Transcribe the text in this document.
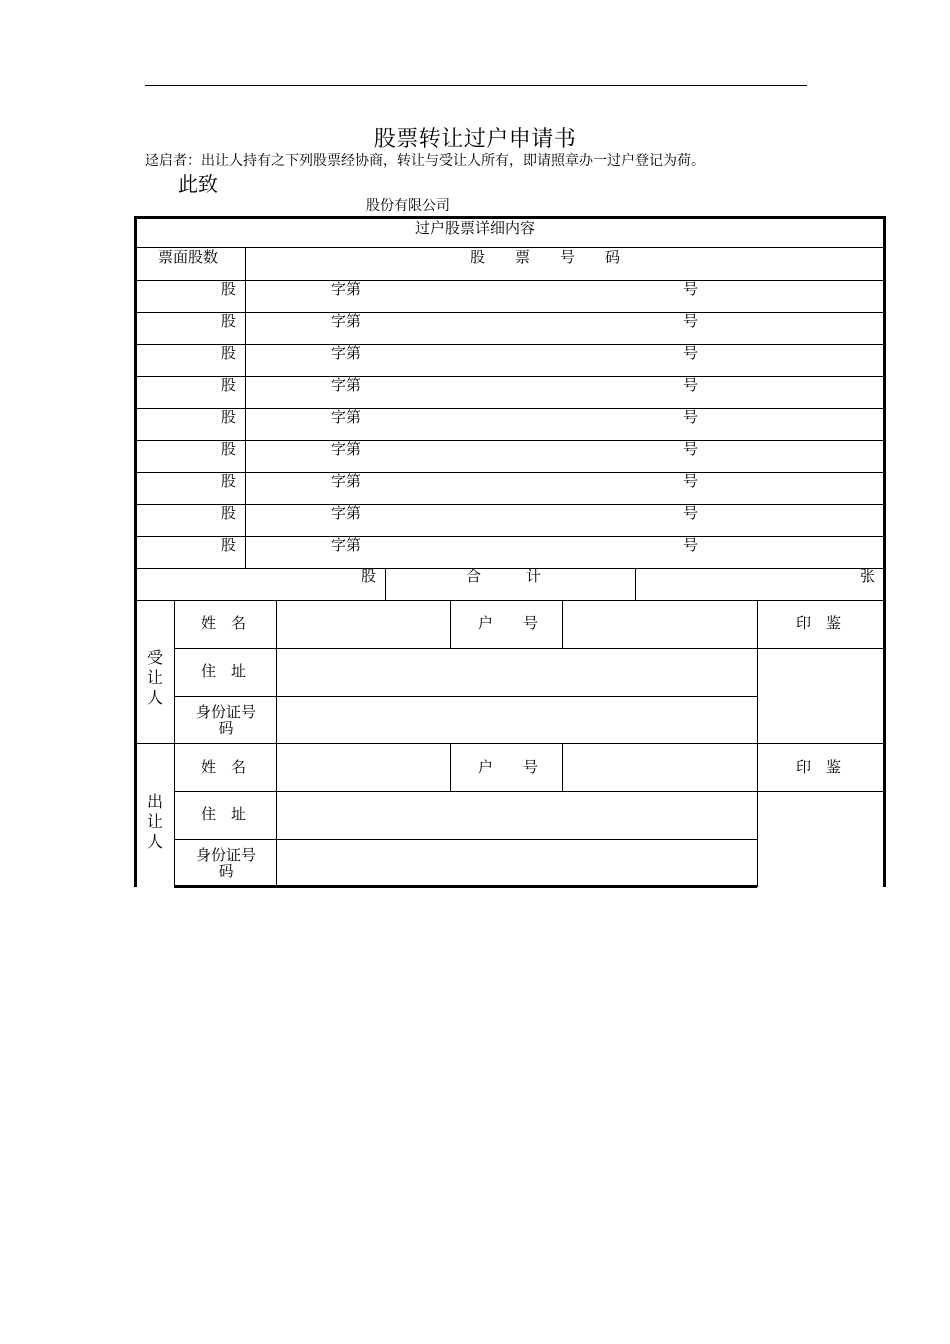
股票转让过户申请书
迳启者：出让人持有之下列股票经协商，转让与受让人所有，即请照章办一过户登记为荷。
此致
股份有限公司
过户股票详细内容
票面股数	股　　票　　号　　码
股	字第	号
股	字第	号
股	字第	号
股	字第	号
股	字第	号
股	字第	号
股	字第	号
股	字第	号
股	字第	号
股	合　　　计	张
受让人
姓　名	户　　号	印　鉴
住　址
身份证号
码
出让人
姓　名	户　　号	印　鉴
住　址
身份证号
码
